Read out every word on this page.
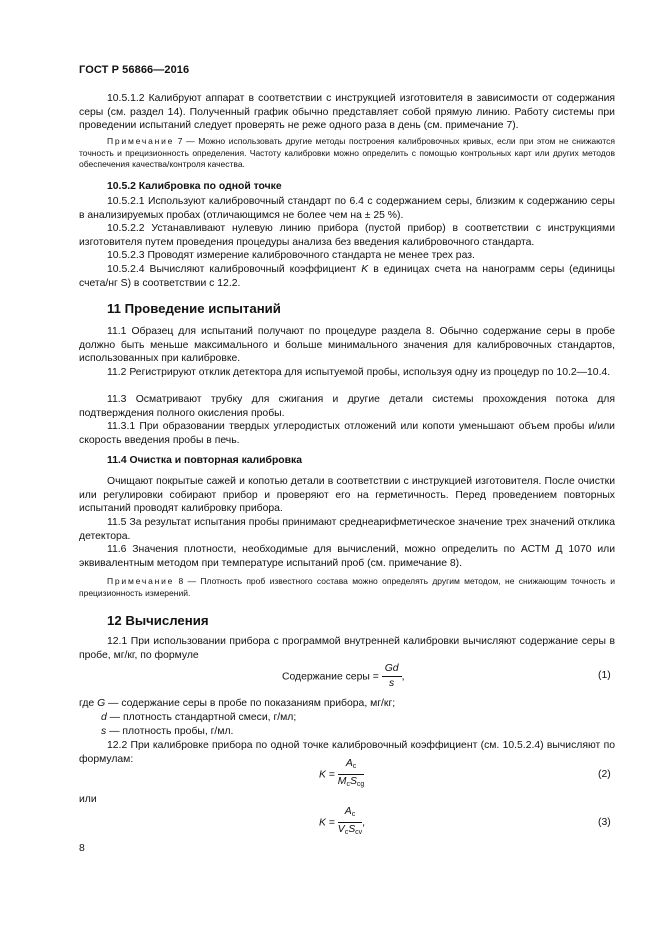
ГОСТ Р 56866—2016

10.5.1.2 Калибруют аппарат в соответствии с инструкцией изготовителя в зависимости от содержания серы (см. раздел 14). Полученный график обычно представляет собой прямую линию. Работу системы при проведении испытаний следует проверять не реже одного раза в день (см. примечание 7).

Примечание 7 — Можно использовать другие методы построения калибровочных кривых, если при этом не снижаются точность и прецизионность определения. Частоту калибровки можно определить с помощью контрольных карт или других методов обеспечения качества/контроля качества.

10.5.2 Калибровка по одной точке

10.5.2.1 Используют калибровочный стандарт по 6.4 с содержанием серы, близким к содержанию серы в анализируемых пробах (отличающимся не более чем на ± 25 %).

10.5.2.2 Устанавливают нулевую линию прибора (пустой прибор) в соответствии с инструкциями изготовителя путем проведения процедуры анализа без введения калибровочного стандарта.

10.5.2.3 Проводят измерение калибровочного стандарта не менее трех раз.

10.5.2.4 Вычисляют калибровочный коэффициент K в единицах счета на нанограмм серы (единицы счета/нг S) в соответствии с 12.2.

11 Проведение испытаний

11.1 Образец для испытаний получают по процедуре раздела 8. Обычно содержание серы в пробе должно быть меньше максимального и больше минимального значения для калибровочных стандартов, использованных при калибровке.

11.2 Регистрируют отклик детектора для испытуемой пробы, используя одну из процедур по 10.2—10.4.

11.3 Осматривают трубку для сжигания и другие детали системы прохождения потока для подтверждения полного окисления пробы.

11.3.1 При образовании твердых углеродистых отложений или копоти уменьшают объем пробы и/или скорость введения пробы в печь.

11.4 Очистка и повторная калибровка

Очищают покрытые сажей и копотью детали в соответствии с инструкцией изготовителя. После очистки или регулировки собирают прибор и проверяют его на герметичность. Перед проведением повторных испытаний проводят калибровку прибора.

11.5 За результат испытания пробы принимают среднеарифметическое значение трех значений отклика детектора.

11.6 Значения плотности, необходимые для вычислений, можно определить по АСТМ Д 1070 или эквивалентным методом при температуре испытаний проб (см. примечание 8).

Примечание 8 — Плотность проб известного состава можно определять другим методом, не снижающим точность и прецизионность измерений.

12 Вычисления

12.1 При использовании прибора с программой внутренней калибровки вычисляют содержание серы в пробе, мг/кг, по формуле

Содержание серы = $\frac{Gd}{s}$ ,	(1)
где G — содержание серы в пробе по показаниям прибора, мг/кг;
d — плотность стандартной смеси, г/мл;
s — плотность пробы, г/мл.

12.2 При калибровке прибора по одной точке калибровочный коэффициент (см. 10.5.2.4) вычисляют по формулам:

$K = \frac{A_c}{M_cS_{cg}}$	(2)
или
$K = \frac{A_c}{V_cS_{cv}}$ ,	(3)
8
